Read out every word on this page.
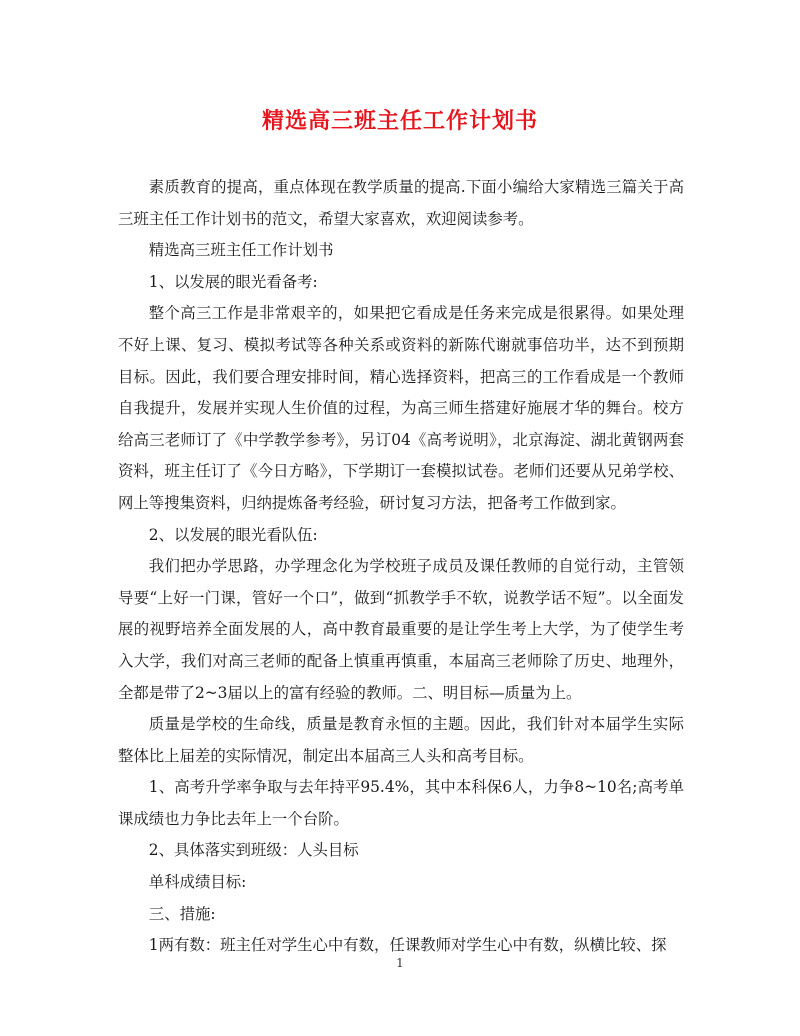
精选高三班主任工作计划书

素质教育的提高，重点体现在教学质量的提高.下面小编给大家精选三篇关于高三班主任工作计划书的范文，希望大家喜欢，欢迎阅读参考。

精选高三班主任工作计划书

1、以发展的眼光看备考:

整个高三工作是非常艰辛的，如果把它看成是任务来完成是很累得。如果处理不好上课、复习、模拟考试等各种关系或资料的新陈代谢就事倍功半，达不到预期目标。因此，我们要合理安排时间，精心选择资料，把高三的工作看成是一个教师自我提升，发展并实现人生价值的过程，为高三师生搭建好施展才华的舞台。校方给高三老师订了《中学教学参考》，另订04《高考说明》，北京海淀、湖北黄钢两套资料，班主任订了《今日方略》，下学期订一套模拟试卷。老师们还要从兄弟学校、网上等搜集资料，归纳提炼备考经验，研讨复习方法，把备考工作做到家。

2、以发展的眼光看队伍:

我们把办学思路，办学理念化为学校班子成员及课任教师的自觉行动，主管领导要“上好一门课，管好一个口”，做到“抓教学手不软，说教学话不短”。以全面发展的视野培养全面发展的人，高中教育最重要的是让学生考上大学，为了使学生考入大学，我们对高三老师的配备上慎重再慎重，本届高三老师除了历史、地理外，全都是带了2~3届以上的富有经验的教师。二、明目标—质量为上。

质量是学校的生命线，质量是教育永恒的主题。因此，我们针对本届学生实际整体比上届差的实际情况，制定出本届高三人头和高考目标。

1、高考升学率争取与去年持平95.4%，其中本科保6人，力争8~10名;高考单课成绩也力争比去年上一个台阶。

2、具体落实到班级：人头目标

单科成绩目标:

三、措施:

1两有数：班主任对学生心中有数，任课教师对学生心中有数，纵横比较、探

1
